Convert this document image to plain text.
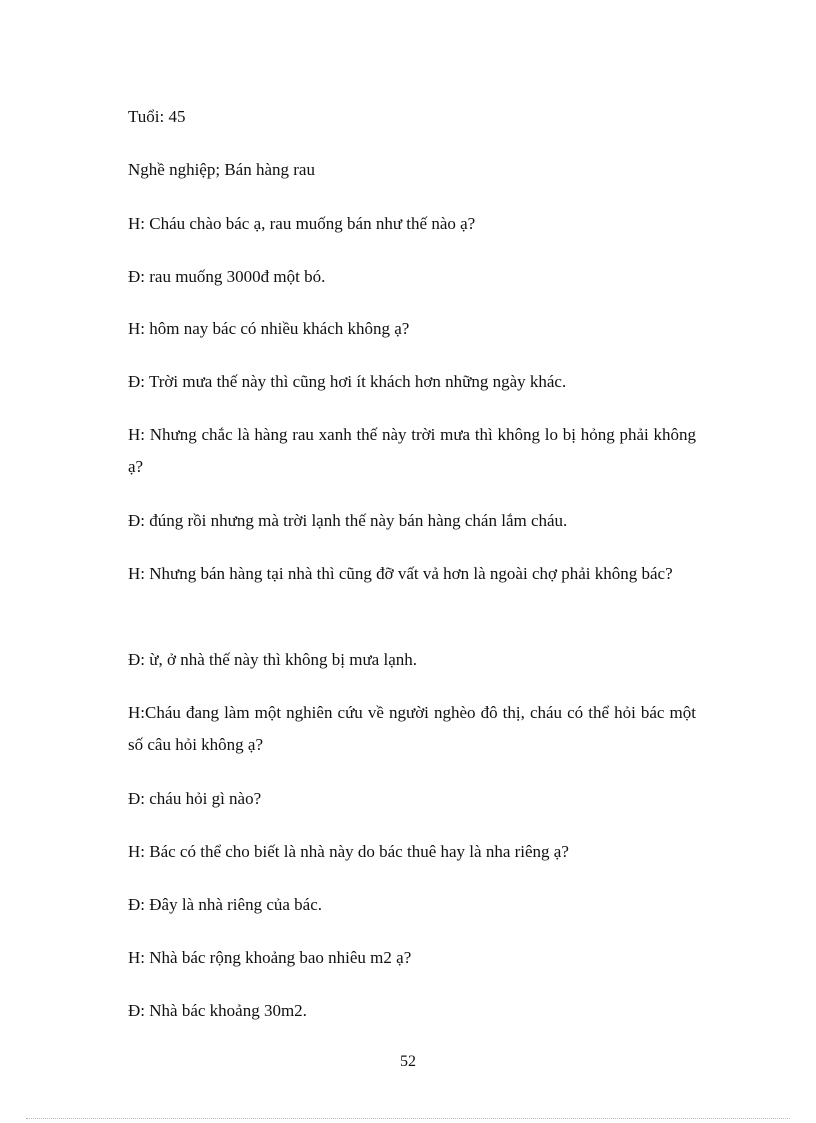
Tuổi: 45

Nghề nghiệp; Bán hàng rau

H: Cháu chào bác ạ, rau muống bán như thế nào ạ?

Đ: rau muống 3000đ một bó.

H: hôm nay bác có nhiều khách không ạ?

Đ: Trời mưa thế này thì cũng hơi ít khách hơn những ngày khác.

H: Nhưng chắc là hàng rau xanh thế này trời mưa thì không lo bị hỏng phải không ạ?

Đ: đúng rồi nhưng mà trời lạnh thế này bán hàng chán lắm cháu.

H: Nhưng bán hàng tại nhà thì cũng đỡ vất vả hơn là ngoài chợ phải không bác?

Đ: ừ, ở nhà thế này thì không bị mưa lạnh.

H:Cháu đang làm một nghiên cứu về người nghèo đô thị, cháu có thể hỏi bác một số câu hỏi không ạ?

Đ: cháu hỏi gì nào?

H: Bác có thể cho biết là nhà này do bác thuê hay là nha riêng ạ?

Đ: Đây là nhà riêng của bác.

H: Nhà bác rộng khoảng bao nhiêu m2 ạ?

Đ: Nhà bác khoảng 30m2.

52
